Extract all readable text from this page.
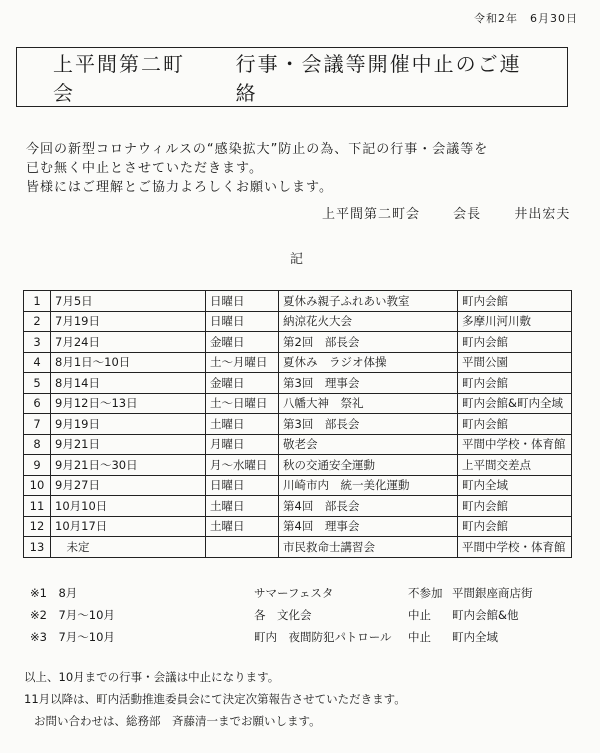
令和2年　6月30日
上平間第二町会
行事・会議等開催中止のご連絡

今回の新型コロナウィルスの“感染拡大”防止の為、下記の行事・会議等を

已む無く中止とさせていただきます。

皆様にはご理解とご協力よろしくお願いします。

上平間第二町会	会長	井出宏夫
記
1	7月5日	日曜日	夏休み親子ふれあい教室	町内会館
2	7月19日	日曜日	納涼花火大会	多摩川河川敷
3	7月24日	金曜日	第2回　部長会	町内会館
4	8月1日～10日	土～月曜日	夏休み　ラジオ体操	平間公園
5	8月14日	金曜日	第3回　理事会	町内会館
6	9月12日～13日	土～日曜日	八幡大神　祭礼	町内会館&町内全域
7	9月19日	土曜日	第3回　部長会	町内会館
8	9月21日	月曜日	敬老会	平間中学校・体育館
9	9月21日～30日	月～水曜日	秋の交通安全運動	上平間交差点
10	9月27日	日曜日	川崎市内　統一美化運動	町内全域
11	10月10日	土曜日	第4回　部長会	町内会館
12	10月17日	土曜日	第4回　理事会	町内会館
13	　未定		市民救命士講習会	平間中学校・体育館
※1　8月	サマーフェスタ	不参加 平間銀座商店街
※2　7月～10月	各　文化会	中止 町内会館&他
※3　7月～10月	町内　夜間防犯パトロール 中止 町内全域

以上、10月までの行事・会議は中止になります。

11月以降は、町内活動推進委員会にて決定次第報告させていただきます。

お問い合わせは、総務部　斉藤清一までお願いします。
